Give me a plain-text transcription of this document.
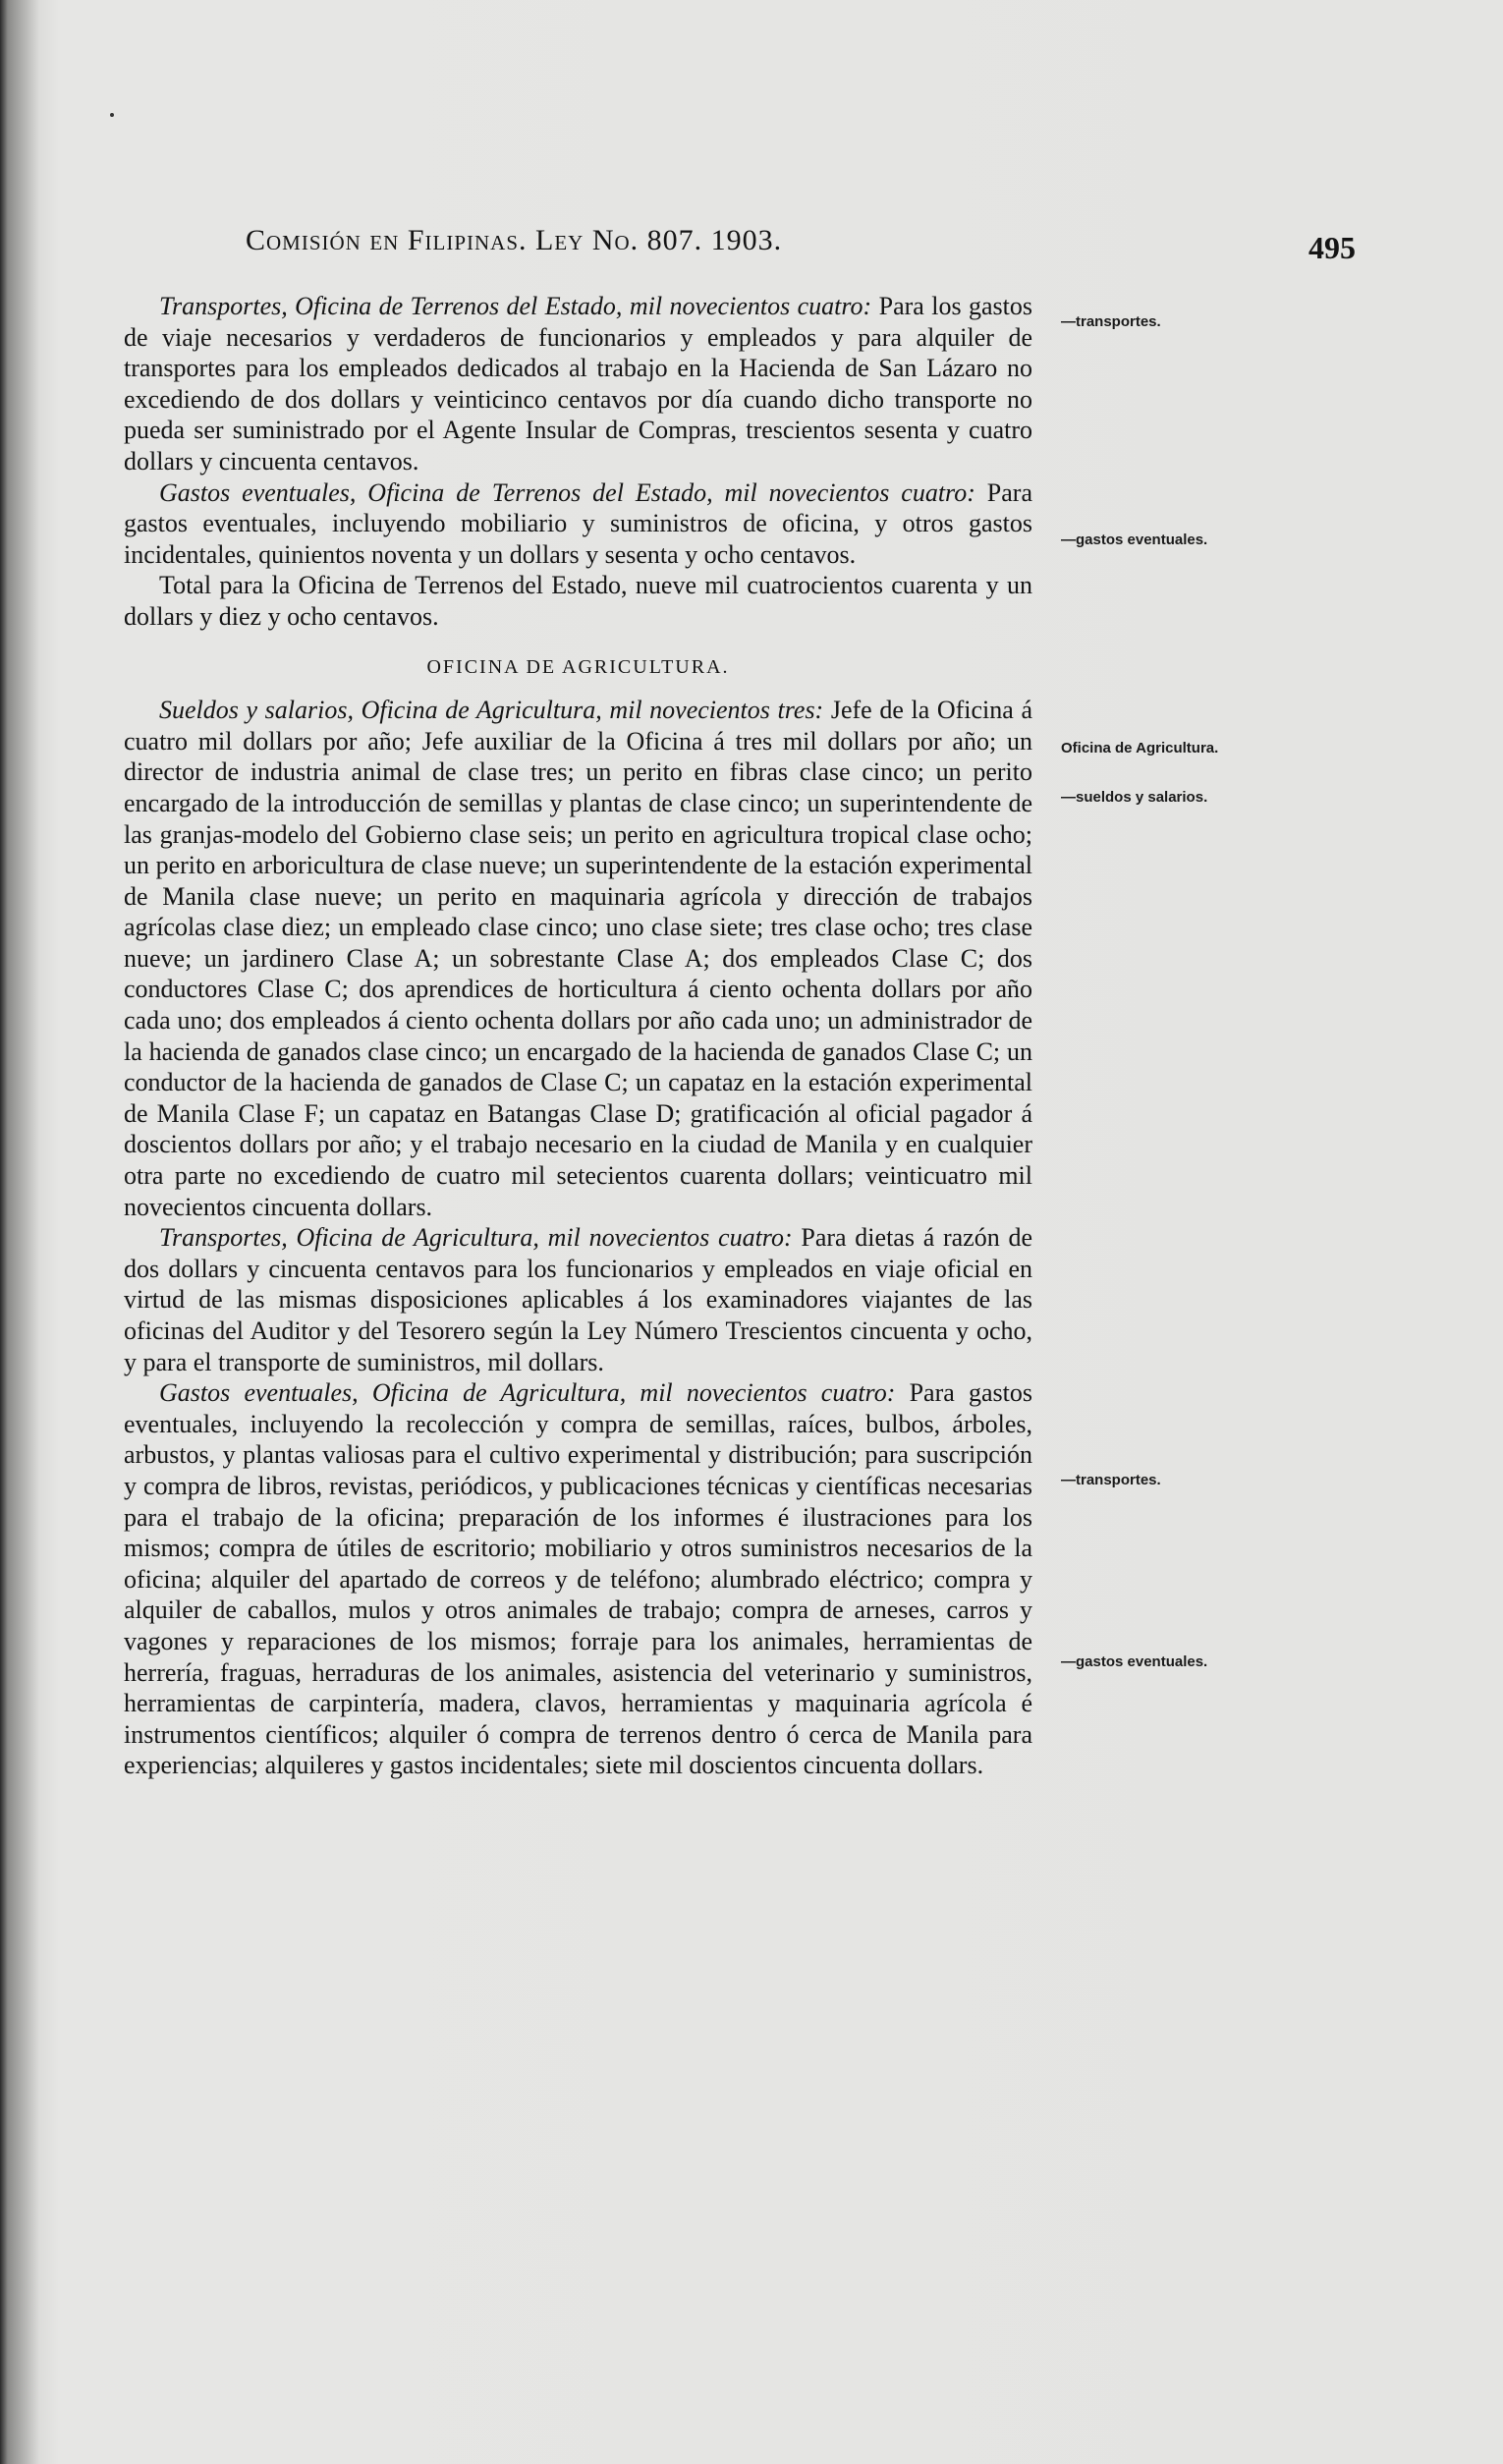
Comisión en Filipinas. Ley No. 807. 1903.	495

Transportes, Oficina de Terrenos del Estado, mil novecientos cuatro: Para los gastos de viaje necesarios y verdaderos de funcionarios y empleados y para alquiler de transportes para los empleados dedicados al trabajo en la Hacienda de San Lázaro no excediendo de dos dollars y veinticinco centavos por día cuando dicho transporte no pueda ser suministrado por el Agente Insular de Compras, trescientos sesenta y cuatro dollars y cincuenta centavos.

Gastos eventuales, Oficina de Terrenos del Estado, mil novecientos cuatro: Para gastos eventuales, incluyendo mobiliario y suministros de oficina, y otros gastos incidentales, quinientos noventa y un dollars y sesenta y ocho centavos.

Total para la Oficina de Terrenos del Estado, nueve mil cuatrocientos cuarenta y un dollars y diez y ocho centavos.

OFICINA DE AGRICULTURA.

Sueldos y salarios, Oficina de Agricultura, mil novecientos tres: Jefe de la Oficina á cuatro mil dollars por año; Jefe auxiliar de la Oficina á tres mil dollars por año; un director de industria animal de clase tres; un perito en fibras clase cinco; un perito encargado de la introducción de semillas y plantas de clase cinco; un superintendente de las granjas-modelo del Gobierno clase seis; un perito en agricultura tropical clase ocho; un perito en arboricultura de clase nueve; un superintendente de la estación experimental de Manila clase nueve; un perito en maquinaria agrícola y dirección de trabajos agrícolas clase diez; un empleado clase cinco; uno clase siete; tres clase ocho; tres clase nueve; un jardinero Clase A; un sobrestante Clase A; dos empleados Clase C; dos conductores Clase C; dos aprendices de horticultura á ciento ochenta dollars por año cada uno; dos empleados á ciento ochenta dollars por año cada uno; un administrador de la hacienda de ganados clase cinco; un encargado de la hacienda de ganados Clase C; un conductor de la hacienda de ganados de Clase C; un capataz en la estación experimental de Manila Clase F; un capataz en Batangas Clase D; gratificación al oficial pagador á doscientos dollars por año; y el trabajo necesario en la ciudad de Manila y en cualquier otra parte no excediendo de cuatro mil setecientos cuarenta dollars; veinticuatro mil novecientos cincuenta dollars.

Transportes, Oficina de Agricultura, mil novecientos cuatro: Para dietas á razón de dos dollars y cincuenta centavos para los funcionarios y empleados en viaje oficial en virtud de las mismas disposiciones aplicables á los examinadores viajantes de las oficinas del Auditor y del Tesorero según la Ley Número Trescientos cincuenta y ocho, y para el transporte de suministros, mil dollars.

Gastos eventuales, Oficina de Agricultura, mil novecientos cuatro: Para gastos eventuales, incluyendo la recolección y compra de semillas, raíces, bulbos, árboles, arbustos, y plantas valiosas para el cultivo experimental y distribución; para suscripción y compra de libros, revistas, periódicos, y publicaciones técnicas y científicas necesarias para el trabajo de la oficina; preparación de los informes é ilustraciones para los mismos; compra de útiles de escritorio; mobiliario y otros suministros necesarios de la oficina; alquiler del apartado de correos y de teléfono; alumbrado eléctrico; compra y alquiler de caballos, mulos y otros animales de trabajo; compra de arneses, carros y vagones y reparaciones de los mismos; forraje para los animales, herramientas de herrería, fraguas, herraduras de los animales, asistencia del veterinario y suministros, herramientas de carpintería, madera, clavos, herramientas y maquinaria agrícola é instrumentos científicos; alquiler ó compra de terrenos dentro ó cerca de Manila para experiencias; alquileres y gastos incidentales; siete mil doscientos cincuenta dollars.

—transportes.
—gastos eventuales.
Oficina de Agricultura.
—sueldos y salarios.
—transportes.
—gastos eventuales.
